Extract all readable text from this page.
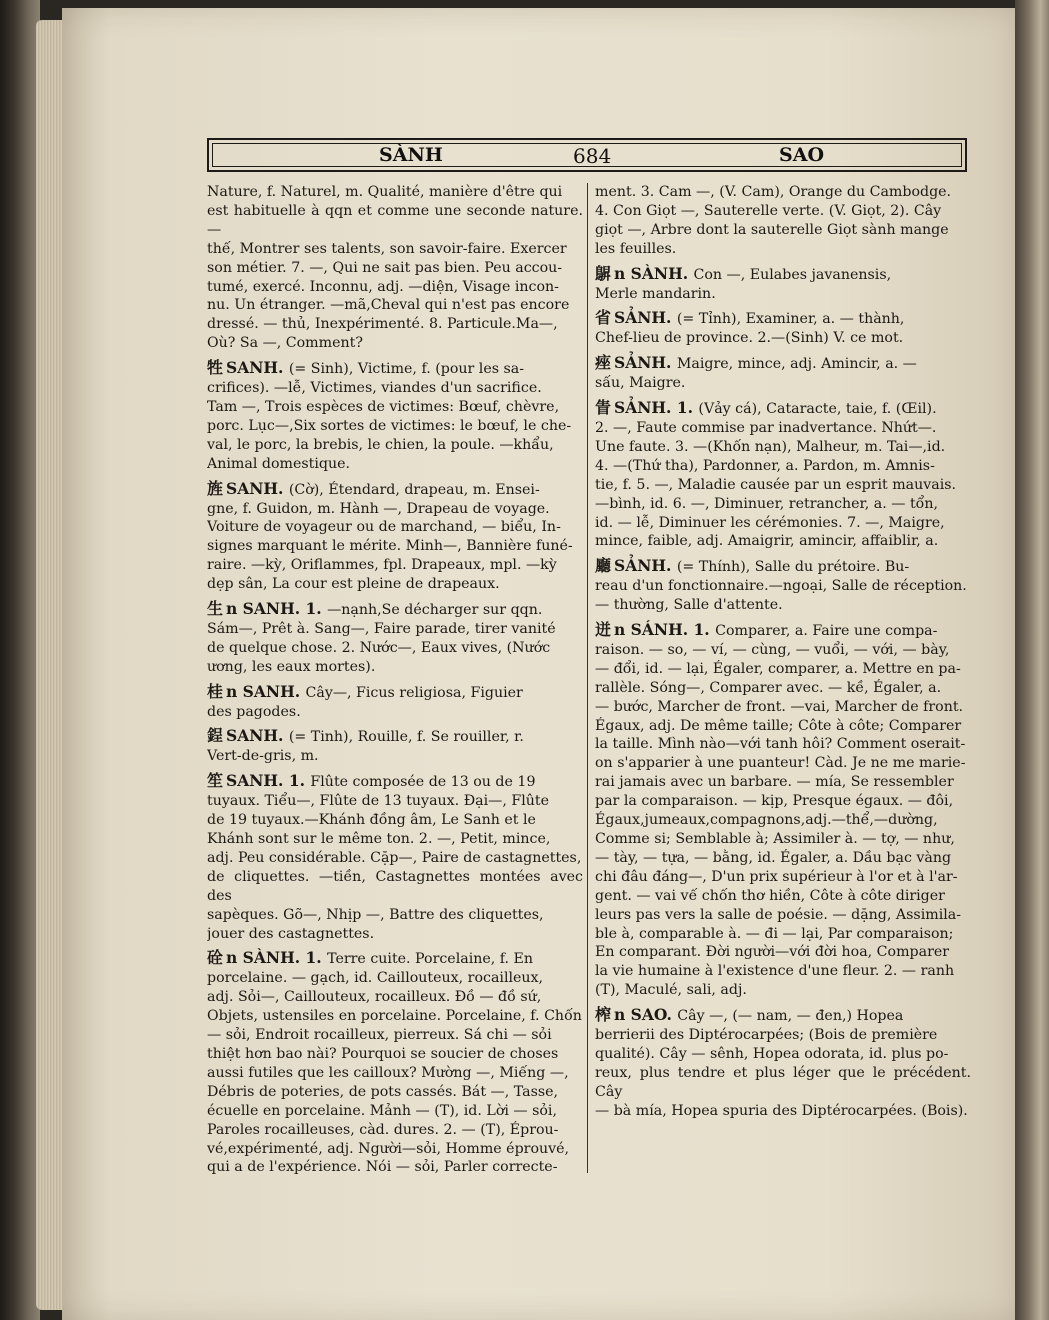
SÀNH	684	SAO

Nature, f. Naturel, m. Qualité, manière d'être qui

est habituelle à qqn et comme une seconde nature.—

thế, Montrer ses talents, son savoir-faire. Exercer

son métier. 7. —, Qui ne sait pas bien. Peu accou-

tumé, exercé. Inconnu, adj. —diện, Visage incon-

nu. Un étranger. —mã,Cheval qui n'est pas encore

dressé. — thủ, Inexpérimenté. 8. Particule.Ma—,

Où? Sa —, Comment?

牲 SANH. (= Sinh), Victime, f. (pour les sa-

crifices). —lễ, Victimes, viandes d'un sacrifice.

Tam —, Trois espèces de victimes: Bœuf, chèvre,

porc. Lục—,Six sortes de victimes: le bœuf, le che-

val, le porc, la brebis, le chien, la poule. —khẩu,

Animal domestique.

旌 SANH. (Cờ), Étendard, drapeau, m. Ensei-

gne, f. Guidon, m. Hành —, Drapeau de voyage.

Voiture de voyageur ou de marchand, — biểu, In-

signes marquant le mérite. Minh—, Bannière funé-

raire. —kỳ, Oriflammes, fpl. Drapeaux, mpl. —kỳ

dẹp sân, La cour est pleine de drapeaux.

生 n SANH. 1. —nạnh,Se décharger sur qqn.

Sám—, Prêt à. Sang—, Faire parade, tirer vanité

de quelque chose. 2. Nước—, Eaux vives, (Nước

ương, les eaux mortes).

桂 n SANH. Cây—, Ficus religiosa, Figuier

des pagodes.

鋥 SANH. (= Tinh), Rouille, f. Se rouiller, r.

Vert-de-gris, m.

笙 SANH. 1. Flûte composée de 13 ou de 19

tuyaux. Tiểu—, Flûte de 13 tuyaux. Đại—, Flûte

de 19 tuyaux.—Khánh đồng âm, Le Sanh et le

Khánh sont sur le même ton. 2. —, Petit, mince,

adj. Peu considérable. Cặp—, Paire de castagnettes,

de cliquettes. —tiền, Castagnettes montées avec des

sapèques. Gõ—, Nhịp —, Battre des cliquettes,

jouer des castagnettes.

硂 n SÀNH. 1. Terre cuite. Porcelaine, f. En

porcelaine. — gạch, id. Caillouteux, rocailleux,

adj. Sỏi—, Caillouteux, rocailleux. Đồ — đồ sứ,

Objets, ustensiles en porcelaine. Porcelaine, f. Chốn

— sỏi, Endroit rocailleux, pierreux. Sá chi — sỏi

thiệt hơn bao nài? Pourquoi se soucier de choses

aussi futiles que les cailloux? Mường —, Miếng —,

Débris de poteries, de pots cassés. Bát —, Tasse,

écuelle en porcelaine. Mảnh — (T), id. Lời — sỏi,

Paroles rocailleuses, càd. dures. 2. — (T), Éprou-

vé,expérimenté, adj. Người—sỏi, Homme éprouvé,

qui a de l'expérience. Nói — sỏi, Parler correcte-

ment. 3. Cam —, (V. Cam), Orange du Cambodge.

4. Con Giọt —, Sauterelle verte. (V. Giọt, 2). Cây

giọt —, Arbre dont la sauterelle Giọt sành mange

les feuilles.

鵿 n SÀNH. Con —, Eulabes javanensis,

Merle mandarin.

省 SẢNH. (= Tỉnh), Examiner, a. — thành,

Chef-lieu de province. 2.—(Sinh) V. ce mot.

痤 SẢNH. Maigre, mince, adj. Amincir, a. —

sấu, Maigre.

眚 SẢNH. 1. (Vảy cá), Cataracte, taie, f. (Œil).

2. —, Faute commise par inadvertance. Nhứt—.

Une faute. 3. —(Khốn nạn), Malheur, m. Tai—,id.

4. —(Thứ tha), Pardonner, a. Pardon, m. Amnis-

tie, f. 5. —, Maladie causée par un esprit mauvais.

—bình, id. 6. —, Diminuer, retrancher, a. — tổn,

id. — lễ, Diminuer les cérémonies. 7. —, Maigre,

mince, faible, adj. Amaigrir, amincir, affaiblir, a.

廳 SẢNH. (= Thính), Salle du prétoire. Bu-

reau d'un fonctionnaire.—ngoại, Salle de réception.

— thường, Salle d'attente.

迸 n SÁNH. 1. Comparer, a. Faire une compa-

raison. — so, — ví, — cùng, — vuổi, — với, — bày,

— đổi, id. — lại, Égaler, comparer, a. Mettre en pa-

rallèle. Sóng—, Comparer avec. — kề, Égaler, a.

— bước, Marcher de front. —vai, Marcher de front.

Égaux, adj. De même taille; Côte à côte; Comparer

la taille. Mình nào—với tanh hôi? Comment oserait-

on s'apparier à une puanteur! Càd. Je ne me marie-

rai jamais avec un barbare. — mía, Se ressembler

par la comparaison. — kịp, Presque égaux. — đôi,

Égaux,jumeaux,compagnons,adj.—thể,—dường,

Comme si; Semblable à; Assimiler à. — tợ, — như,

— tày, — tựa, — bằng, id. Égaler, a. Dầu bạc vàng

chi đâu đáng—, D'un prix supérieur à l'or et à l'ar-

gent. — vai vế chốn thơ hiền, Côte à côte diriger

leurs pas vers la salle de poésie. — dặng, Assimila-

ble à, comparable à. — đi — lại, Par comparaison;

En comparant. Đời người—với đời hoa, Comparer

la vie humaine à l'existence d'une fleur. 2. — ranh

(T), Maculé, sali, adj.

榨 n SAO. Cây —, (— nam, — đen,) Hopea

berrierii des Diptérocarpées; (Bois de première

qualité). Cây — sênh, Hopea odorata, id. plus po-

reux, plus tendre et plus léger que le précédent. Cây

— bà mía, Hopea spuria des Diptérocarpées. (Bois).
